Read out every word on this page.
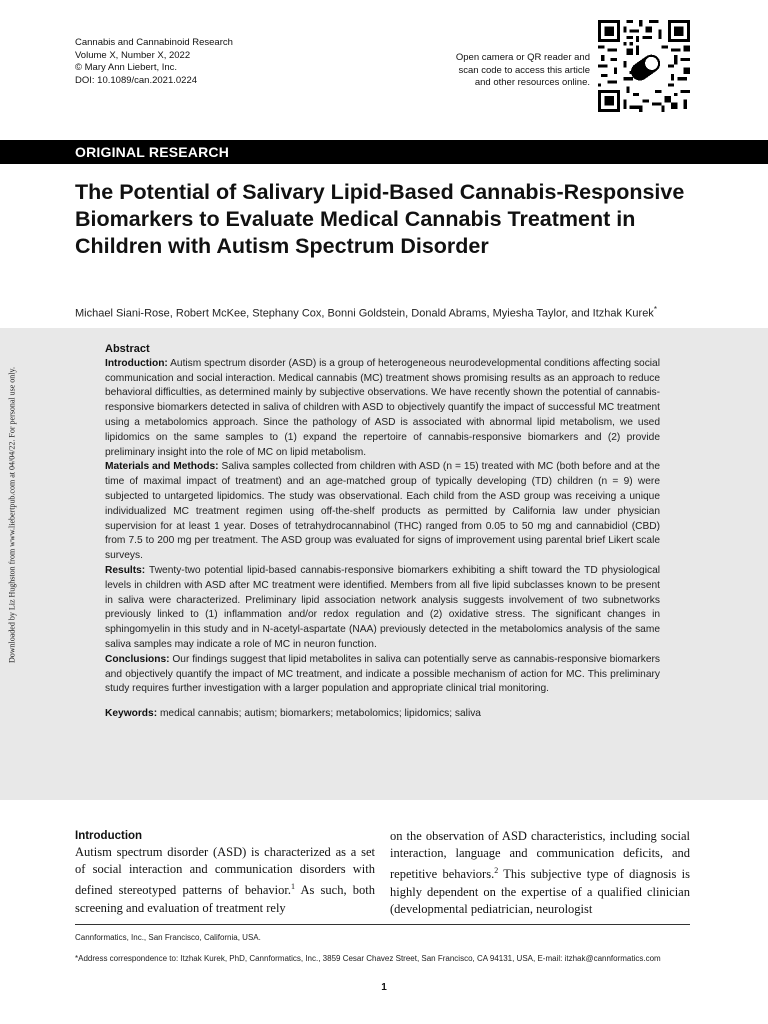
Cannabis and Cannabinoid Research
Volume X, Number X, 2022
© Mary Ann Liebert, Inc.
DOI: 10.1089/can.2021.0224
Open camera or QR reader and
scan code to access this article
and other resources online.
ORIGINAL RESEARCH
The Potential of Salivary Lipid-Based Cannabis-Responsive Biomarkers to Evaluate Medical Cannabis Treatment in Children with Autism Spectrum Disorder
Michael Siani-Rose, Robert McKee, Stephany Cox, Bonni Goldstein, Donald Abrams, Myiesha Taylor, and Itzhak Kurek*
Downloaded by Liz Hughston from www.liebertpub.com at 04/04/22. For personal use only.
Abstract

Introduction: Autism spectrum disorder (ASD) is a group of heterogeneous neurodevelopmental conditions affecting social communication and social interaction. Medical cannabis (MC) treatment shows promising results as an approach to reduce behavioral difficulties, as determined mainly by subjective observations. We have recently shown the potential of cannabis-responsive biomarkers detected in saliva of children with ASD to objectively quantify the impact of successful MC treatment using a metabolomics approach. Since the pathology of ASD is associated with abnormal lipid metabolism, we used lipidomics on the same samples to (1) expand the repertoire of cannabis-responsive biomarkers and (2) provide preliminary insight into the role of MC on lipid metabolism.

Materials and Methods: Saliva samples collected from children with ASD (n = 15) treated with MC (both before and at the time of maximal impact of treatment) and an age-matched group of typically developing (TD) children (n = 9) were subjected to untargeted lipidomics. The study was observational. Each child from the ASD group was receiving a unique individualized MC treatment regimen using off-the-shelf products as permitted by California law under physician supervision for at least 1 year. Doses of tetrahydrocannabinol (THC) ranged from 0.05 to 50 mg and cannabidiol (CBD) from 7.5 to 200 mg per treatment. The ASD group was evaluated for signs of improvement using parental brief Likert scale surveys.

Results: Twenty-two potential lipid-based cannabis-responsive biomarkers exhibiting a shift toward the TD physiological levels in children with ASD after MC treatment were identified. Members from all five lipid subclasses known to be present in saliva were characterized. Preliminary lipid association network analysis suggests involvement of two subnetworks previously linked to (1) inflammation and/or redox regulation and (2) oxidative stress. The significant changes in sphingomyelin in this study and in N-acetyl-aspartate (NAA) previously detected in the metabolomics analysis of the same saliva samples may indicate a role of MC in neuron function.

Conclusions: Our findings suggest that lipid metabolites in saliva can potentially serve as cannabis-responsive biomarkers and objectively quantify the impact of MC treatment, and indicate a possible mechanism of action for MC. This preliminary study requires further investigation with a larger population and appropriate clinical trial monitoring.

Keywords: medical cannabis; autism; biomarkers; metabolomics; lipidomics; saliva

Introduction

Autism spectrum disorder (ASD) is characterized as a set of social interaction and communication disorders with defined stereotyped patterns of behavior.$^1$ As such, both screening and evaluation of treatment rely

on the observation of ASD characteristics, including social interaction, language and communication deficits, and repetitive behaviors.$^2$ This subjective type of diagnosis is highly dependent on the expertise of a qualified clinician (developmental pediatrician, neurologist

Cannformatics, Inc., San Francisco, California, USA.
*Address correspondence to: Itzhak Kurek, PhD, Cannformatics, Inc., 3859 Cesar Chavez Street, San Francisco, CA 94131, USA, E-mail: itzhak@cannformatics.com
1
